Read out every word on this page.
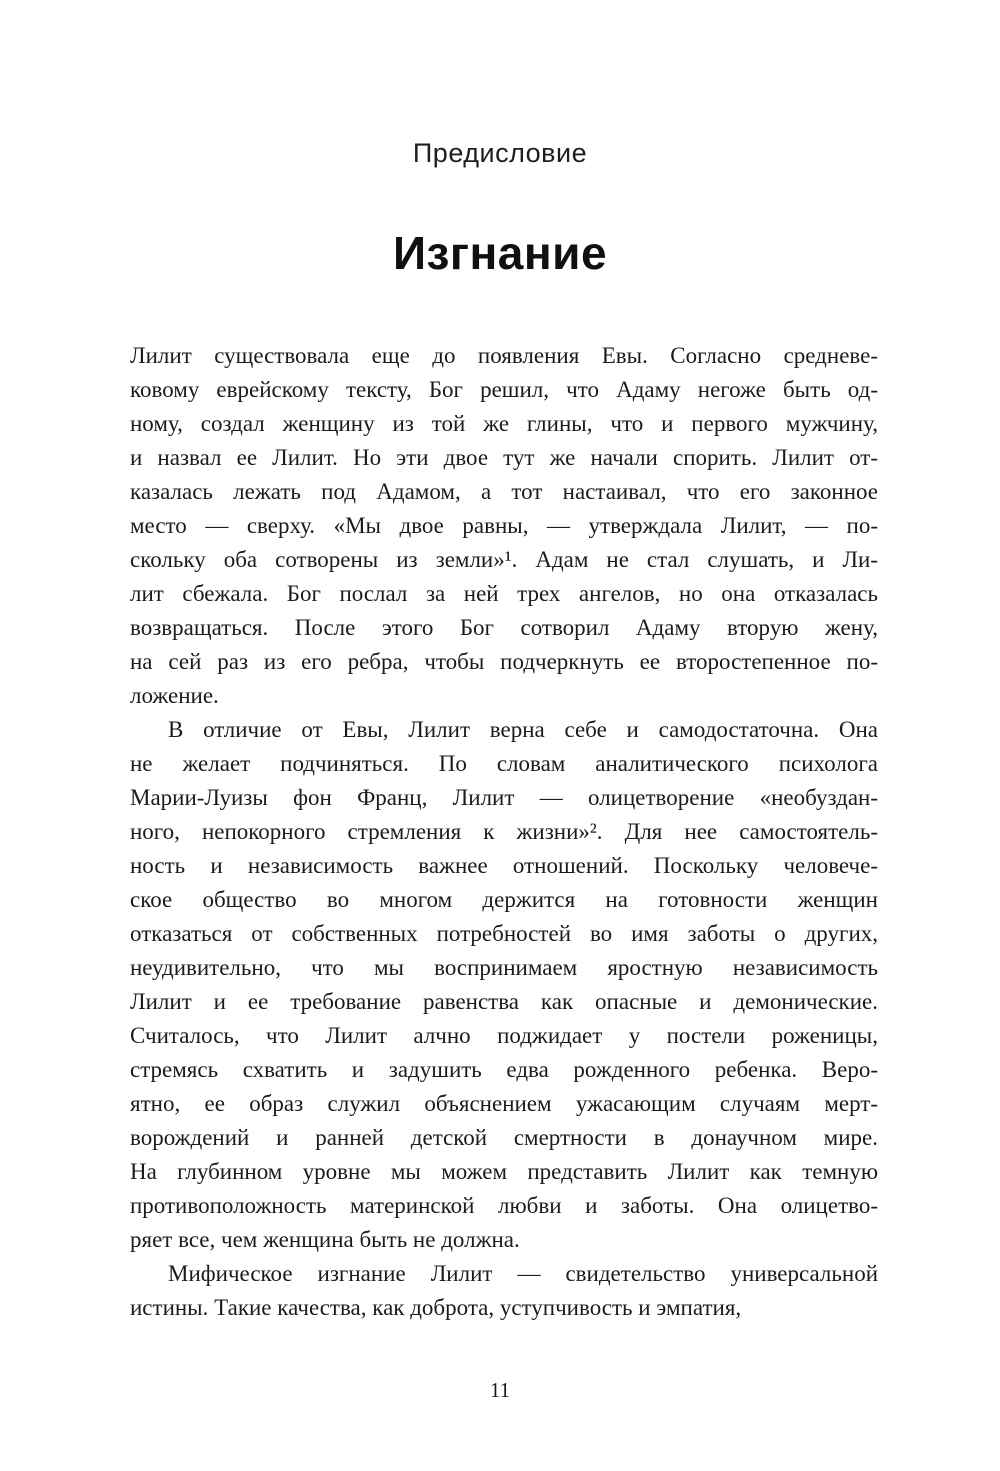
Предисловие
Изгнание
Лилит существовала еще до появления Евы. Согласно средневе-
ковому еврейскому тексту, Бог решил, что Адаму негоже быть од-
ному, создал женщину из той же глины, что и первого мужчину,
и назвал ее Лилит. Но эти двое тут же начали спорить. Лилит от-
казалась лежать под Адамом, а тот настаивал, что его законное
место — сверху. «Мы двое равны, — утверждала Лилит, — по-
скольку оба сотворены из земли»¹. Адам не стал слушать, и Ли-
лит сбежала. Бог послал за ней трех ангелов, но она отказалась
возвращаться. После этого Бог сотворил Адаму вторую жену,
на сей раз из его ребра, чтобы подчеркнуть ее второстепенное по-
ложение.
В отличие от Евы, Лилит верна себе и самодостаточна. Она
не желает подчиняться. По словам аналитического психолога
Марии-Луизы фон Франц, Лилит — олицетворение «необуздан-
ного, непокорного стремления к жизни»². Для нее самостоятель-
ность и независимость важнее отношений. Поскольку человече-
ское общество во многом держится на готовности женщин
отказаться от собственных потребностей во имя заботы о других,
неудивительно, что мы воспринимаем яростную независимость
Лилит и ее требование равенства как опасные и демонические.
Считалось, что Лилит алчно поджидает у постели роженицы,
стремясь схватить и задушить едва рожденного ребенка. Веро-
ятно, ее образ служил объяснением ужасающим случаям мерт-
ворождений и ранней детской смертности в донаучном мире.
На глубинном уровне мы можем представить Лилит как темную
противоположность материнской любви и заботы. Она олицетво-
ряет все, чем женщина быть не должна.
Мифическое изгнание Лилит — свидетельство универсальной
истины. Такие качества, как доброта, уступчивость и эмпатия,
11
